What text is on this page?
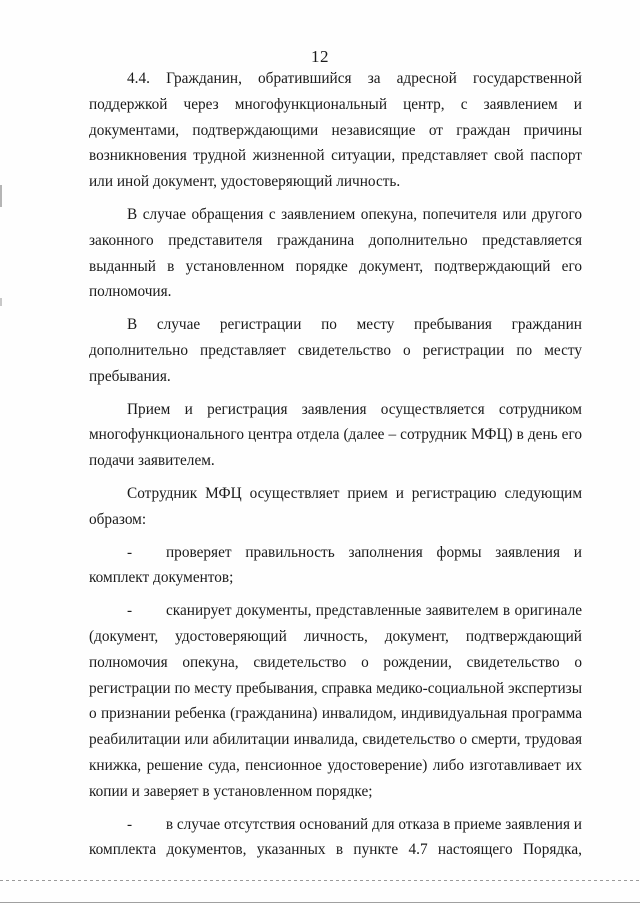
12
4.4. Гражданин, обратившийся за адресной государственной
поддержкой через многофункциональный центр, с заявлением и
документами, подтверждающими независящие от граждан причины
возникновения трудной жизненной ситуации, представляет свой паспорт
или иной документ, удостоверяющий личность.
В случае обращения с заявлением опекуна, попечителя или другого
законного представителя гражданина дополнительно представляется
выданный в установленном порядке документ, подтверждающий его
полномочия.
В случае регистрации по месту пребывания гражданин
дополнительно представляет свидетельство о регистрации по месту
пребывания.
Прием и регистрация заявления осуществляется сотрудником
многофункционального центра отдела (далее – сотрудник МФЦ) в день его
подачи заявителем.
Сотрудник МФЦ осуществляет прием и регистрацию следующим
образом:
-	проверяет правильность заполнения формы заявления и
комплект документов;
-	сканирует документы, представленные заявителем в оригинале
(документ, удостоверяющий личность, документ, подтверждающий
полномочия опекуна, свидетельство о рождении, свидетельство о
регистрации по месту пребывания, справка медико-социальной экспертизы
о признании ребенка (гражданина) инвалидом, индивидуальная программа
реабилитации или абилитации инвалида, свидетельство о смерти, трудовая
книжка, решение суда, пенсионное удостоверение) либо изготавливает их
копии и заверяет в установленном порядке;
-	в случае отсутствия оснований для отказа в приеме заявления и
комплекта документов, указанных в пункте 4.7 настоящего Порядка,
